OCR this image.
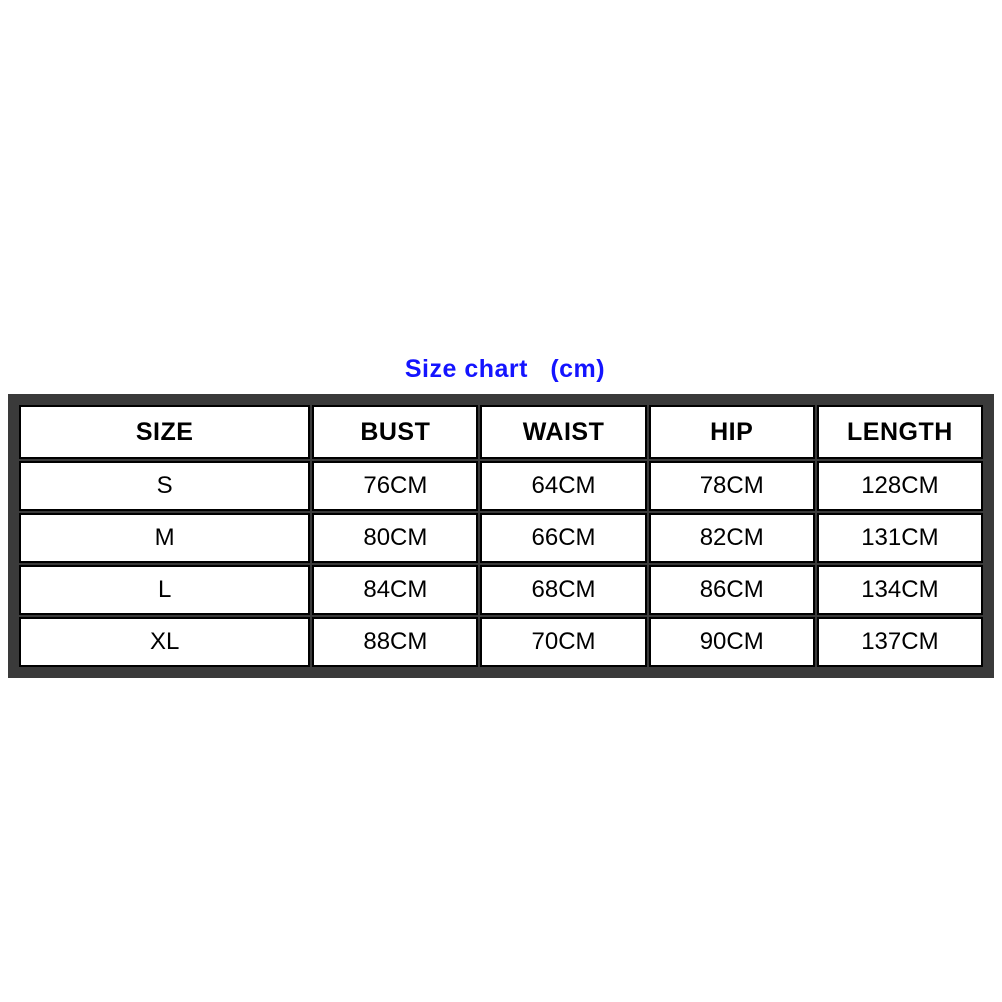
Size chart   (cm)
SIZE	BUST	WAIST	HIP	LENGTH
S	76CM	64CM	78CM	128CM
M	80CM	66CM	82CM	131CM
L	84CM	68CM	86CM	134CM
XL	88CM	70CM	90CM	137CM
